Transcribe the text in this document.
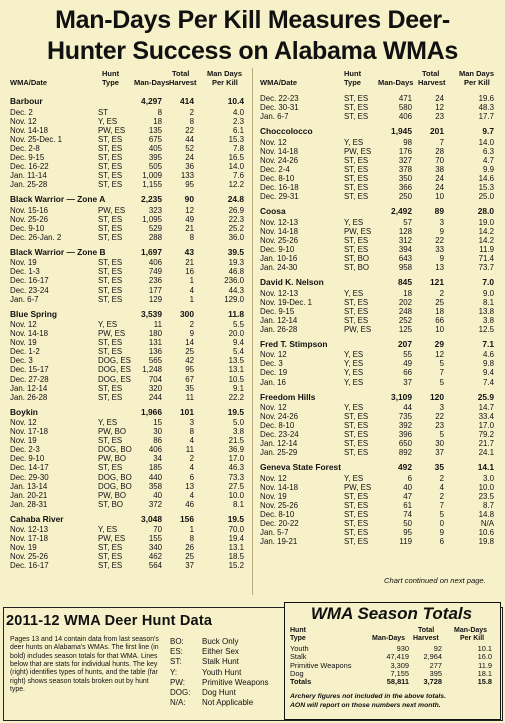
Man-Days Per Kill Measures Deer-
Hunter Success on Alabama WMAs
Hunt	Total Man Days
WMA/Date	Type Man-Days Harvest Per Kill
Hunt	Total	Man Days
WMA/Date	Type Man-Days Harvest Per Kill
Barbour	4,297 414	10.4
Dec. 2	ST	8	2	4.0
Nov. 12	Y, ES	18	8	2.3
Nov. 14-18	PW, ES	135	22	6.1
Nov. 25-Dec. 1	ST, ES	675	44	15.3
Dec. 2-8	ST, ES	405	52	7.8
Dec. 9-15	ST, ES	395	24	16.5
Dec. 16-22	ST, ES	505	36	14.0
Jan. 11-14	ST, ES	1,009 133	7.6
Jan. 25-28	ST, ES	1,155	95	12.2
Black Warrior — Zone A	2,235	90	24.8
Nov. 15-16	PW, ES	323	12	26.9
Nov. 25-26	ST, ES	1,095	49	22.3
Dec. 9-10	ST, ES	529	21	25.2
Dec. 26-Jan. 2	ST, ES	288	8	36.0
Black Warrior — Zone B	1,697	43	39.5
Nov. 19	ST, ES	406	21	19.3
Dec. 1-3	ST, ES	749	16	46.8
Dec. 16-17	ST, ES	236	1	236.0
Dec. 23-24	ST, ES	177	4	44.3
Jan. 6-7	ST, ES	129	1	129.0
Blue Spring	3,539 300	11.8
Nov. 12	Y, ES	11	2	5.5
Nov. 14-18	PW, ES	180	9	20.0
Nov. 19	ST, ES	131	14	9.4
Dec. 1-2	ST, ES	136	25	5.4
Dec. 3	DOG, ES 565	42	13.5
Dec. 15-17	DOG, ES 1,248	95	13.1
Dec. 27-28	DOG, ES 704	67	10.5
Jan. 12-14	ST, ES	320	35	9.1
Jan. 26-28	ST, ES	244	11	22.2
Boykin	1,966 101	19.5
Nov. 12	Y, ES	15	3	5.0
Nov. 17-18	PW, BO	30	8	3.8
Nov. 19	ST, ES	86	4	21.5
Dec. 2-3	DOG, BO 406	11	36.9
Dec. 9-10	PW, BO	34	2	17.0
Dec. 14-17	ST, ES	185	4	46.3
Dec. 29-30	DOG, BO 440	6	73.3
Jan. 13-14	DOG, BO 358	13	27.5
Jan. 20-21	PW, BO	40	4	10.0
Jan. 28-31	ST, BO	372	46	8.1
Cahaba River	3,048 156	19.5
Nov. 12-13	Y, ES	70	1	70.0
Nov. 17-18	PW, ES	155	8	19.4
Nov. 19	ST, ES	340	26	13.1
Nov. 25-26	ST, ES	462	25	18.5
Dec. 16-17	ST, ES	564	37	15.2
Dec. 22-23	ST, ES	471	24	19.6
Dec. 30-31	ST, ES	580	12	48.3
Jan. 6-7	ST, ES	406	23	17.7
Choccolocco	1,945 201	9.7
Nov. 12	Y, ES	98	7	14.0
Nov. 14-18	PW, ES	176	28	6.3
Nov. 24-26	ST, ES	327	70	4.7
Dec. 2-4	ST, ES	378	38	9.9
Dec. 8-10	ST, ES	350	24	14.6
Dec. 16-18	ST, ES	366	24	15.3
Dec. 29-31	ST, ES	250	10	25.0
Coosa	2,492	89	28.0
Nov. 12-13	Y, ES	57	3	19.0
Nov. 14-18	PW, ES	128	9	14.2
Nov. 25-26	ST, ES	312	22	14.2
Dec. 9-10	ST, ES	394	33	11.9
Jan. 10-16	ST, BO	643	9	71.4
Jan. 24-30	ST, BO	958	13	73.7
David K. Nelson	845 121	7.0
Nov. 12-13	Y, ES	18	2	9.0
Nov. 19-Dec. 1	ST, ES	202	25	8.1
Dec. 9-15	ST, ES	248	18	13.8
Jan. 12-14	ST, ES	252	66	3.8
Jan. 26-28	PW, ES	125	10	12.5
Fred T. Stimpson	207	29	7.1
Nov. 12	Y, ES	55	12	4.6
Dec. 3	Y, ES	49	5	9.8
Dec. 19	Y, ES	66	7	9.4
Jan. 16	Y, ES	37	5	7.4
Freedom Hills	3,109 120	25.9
Nov. 12	Y, ES	44	3	14.7
Nov. 24-26	ST, ES	735	22	33.4
Dec. 8-10	ST, ES	392	23	17.0
Dec. 23-24	ST, ES	396	5	79.2
Jan. 12-14	ST, ES	650	30	21.7
Jan. 25-29	ST, ES	892	37	24.1
Geneva State Forest	492	35	14.1
Nov. 12	Y, ES	6	2	3.0
Nov. 14-18	PW, ES	40	4	10.0
Nov. 19	ST, ES	47	2	23.5
Nov. 25-26	ST, ES	61	7	8.7
Dec. 8-10	ST, ES	74	5	14.8
Dec. 20-22	ST, ES	50	0	N/A
Jan. 5-7	ST, ES	95	9	10.6
Jan. 19-21	ST, ES	119	6	19.8
Chart continued on next page.
2011-12 WMA Deer Hunt Data
Pages 13 and 14 contain data from last season's deer hunts on Alabama's WMAs. The first line (in bold) includes season totals for that WMA. Lines below that are stats for individual hunts. The key (right) identifies types of hunts, and the table (far right) shows season totals broken out by hunt type.
BO: Buck Only
ES: Either Sex
ST:	Stalk Hunt
Y:	Youth Hunt
PW: Primitive Weapons
DOG: Dog Hunt
N/A: Not Applicable
WMA Season Totals
Hunt	Total	Man-Days
Type	Man-Days Harvest	Per Kill
Youth	930	92	10.1
Stalk	47,419 2,964	16.0
Primitive Weapons	3,309	277	11.9
Dog	7,155	395	18.1
Totals	58,811 3,728	15.8
Archery figures not included in the above totals.
AON will report on those numbers next month.
